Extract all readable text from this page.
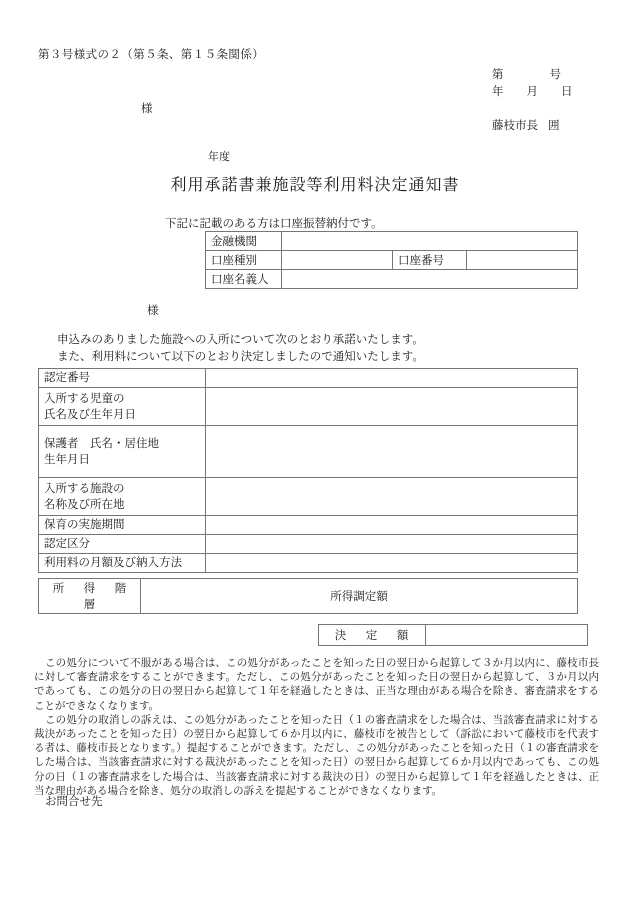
第３号様式の２（第５条、第１５条関係）
第　　　　号
年　　月　　日
様
藤枝市長 囲
年度
利用承諾書兼施設等利用料決定通知書
下記に記載のある方は口座振替納付です。
金融機関			
口座種別		口座番号	
口座名義人			
様
申込みのありました施設への入所について次のとおり承諾いたします。
また、利用料について以下のとおり決定しましたので通知いたします。
認定番号	

入所する児童の
氏名及び生年月日	

保護者　氏名・居住地
生年月日	

入所する施設の
名称及び所在地	

保育の実施期間	
認定区分	
利用料の月額及び納入方法	
所　得　階　層	所得調定額
決　定　額	

この処分について不服がある場合は、この処分があったことを知った日の翌日から起算して３か月以内に、藤枝市長に対して審査請求をすることができます。ただし、この処分があったことを知った日の翌日から起算して、３か月以内であっても、この処分の日の翌日から起算して１年を経過したときは、正当な理由がある場合を除き、審査請求をすることができなくなります。

この処分の取消しの訴えは、この処分があったことを知った日（１の審査請求をした場合は、当該審査請求に対する裁決があったことを知った日）の翌日から起算して６か月以内に、藤枝市を被告として（訴訟において藤枝市を代表する者は、藤枝市長となります。）提起することができます。ただし、この処分があったことを知った日（１の審査請求をした場合は、当該審査請求に対する裁決があったことを知った日）の翌日から起算して６か月以内であっても、この処分の日（１の審査請求をした場合は、当該審査請求に対する裁決の日）の翌日から起算して１年を経過したときは、正当な理由がある場合を除き、処分の取消しの訴えを提起することができなくなります。

お問合せ先
